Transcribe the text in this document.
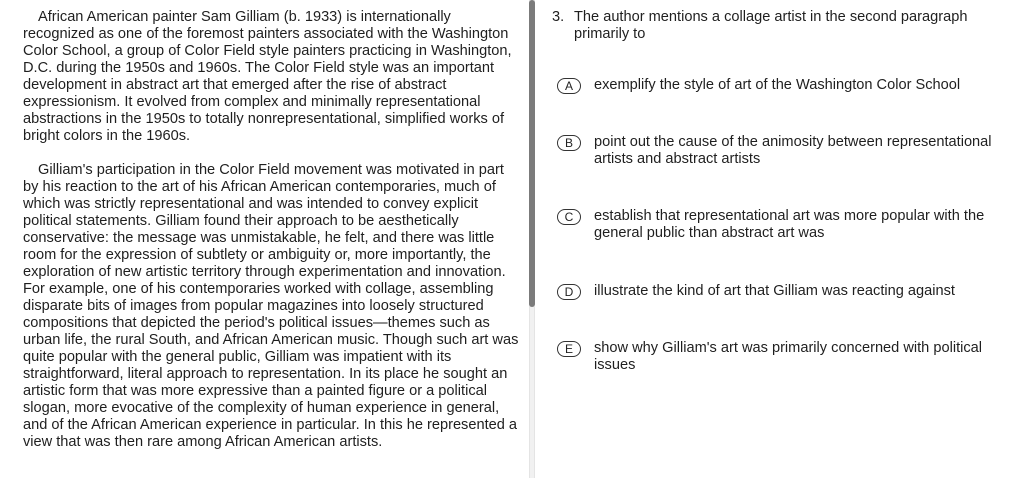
African American painter Sam Gilliam (b. 1933) is internationally recognized as one of the foremost painters associated with the Washington Color School, a group of Color Field style painters practicing in Washington, D.C. during the 1950s and 1960s. The Color Field style was an important development in abstract art that emerged after the rise of abstract expressionism. It evolved from complex and minimally representational abstractions in the 1950s to totally nonrepresentational, simplified works of bright colors in the 1960s.

Gilliam's participation in the Color Field movement was motivated in part by his reaction to the art of his African American contemporaries, much of which was strictly representational and was intended to convey explicit political statements. Gilliam found their approach to be aesthetically conservative: the message was unmistakable, he felt, and there was little room for the expression of subtlety or ambiguity or, more importantly, the exploration of new artistic territory through experimentation and innovation. For example, one of his contemporaries worked with collage, assembling disparate bits of images from popular magazines into loosely structured compositions that depicted the period's political issues—themes such as urban life, the rural South, and African American music. Though such art was quite popular with the general public, Gilliam was impatient with its straightforward, literal approach to representation. In its place he sought an artistic form that was more expressive than a painted figure or a political slogan, more evocative of the complexity of human experience in general, and of the African American experience in particular. In this he represented a view that was then rare among African American artists.

3. The author mentions a collage artist in the second paragraph primarily to
A	exemplify the style of art of the Washington Color School
B	point out the cause of the animosity between representational artists and abstract artists
C	establish that representational art was more popular with the general public than abstract art was
D	illustrate the kind of art that Gilliam was reacting against
E	show why Gilliam's art was primarily concerned with political issues
